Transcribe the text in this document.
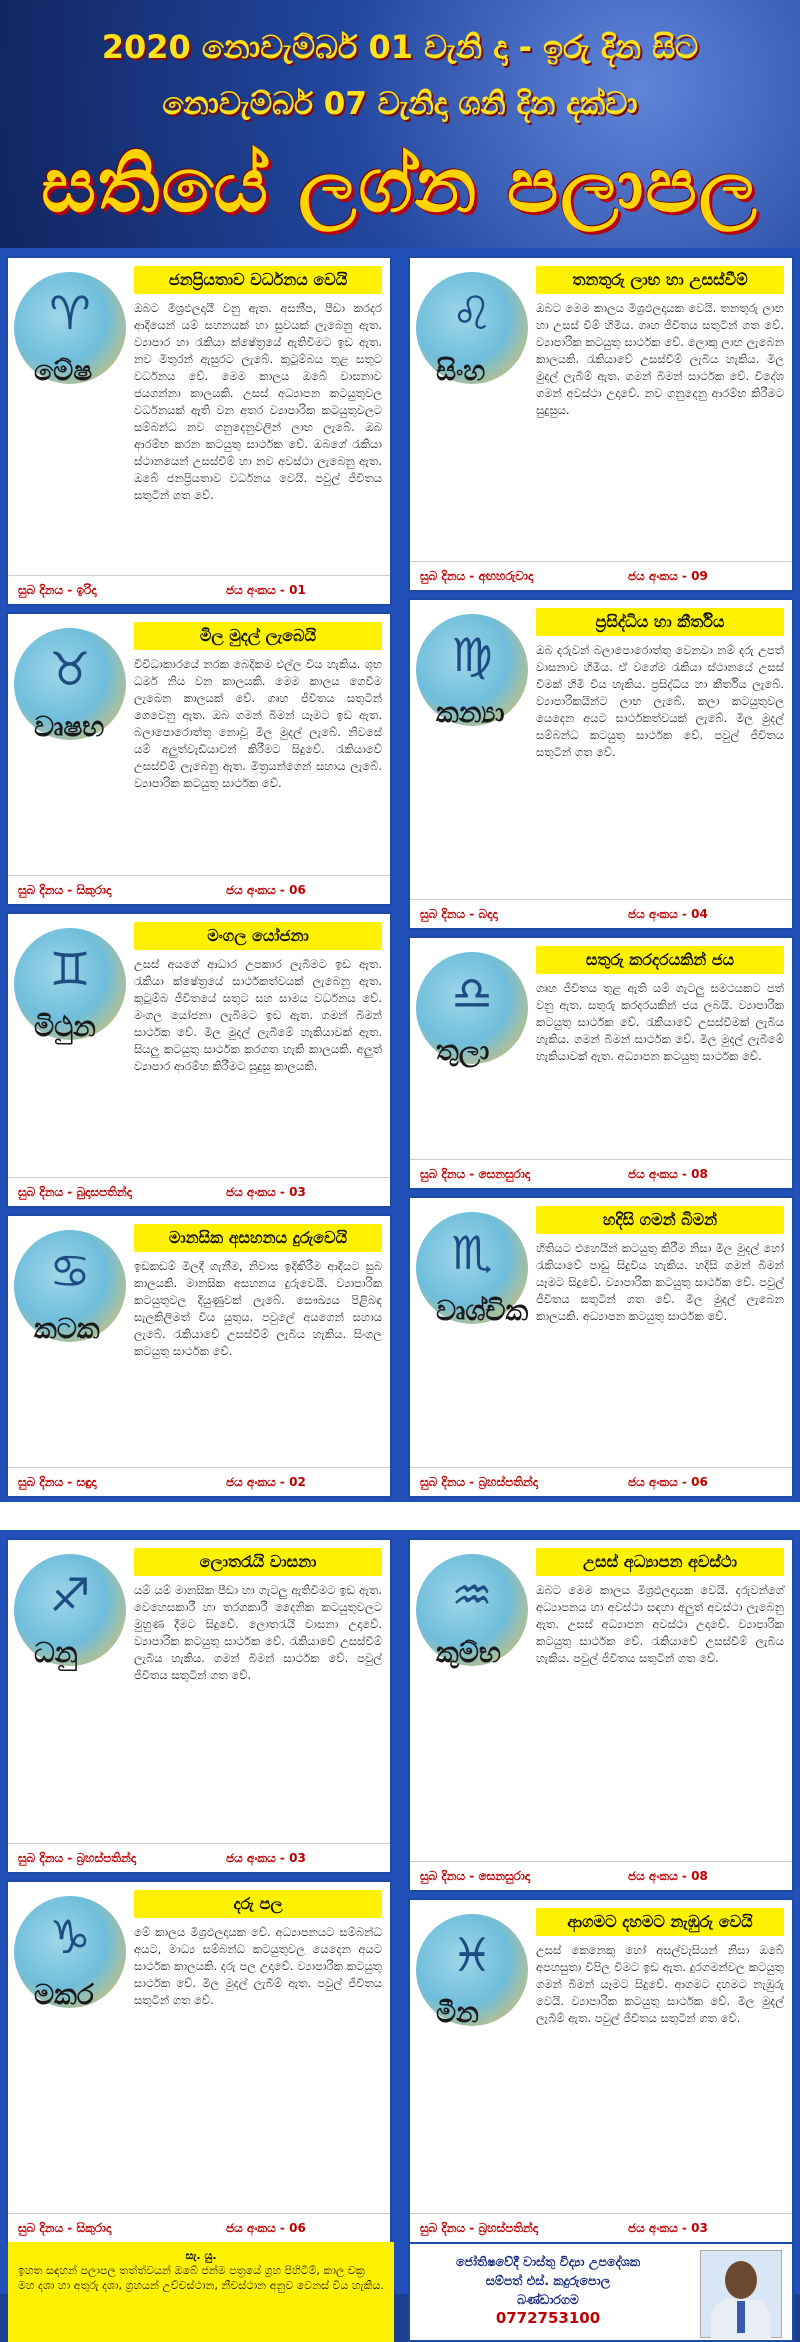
2020 නොවැම්බර් 01 වැනි දා - ඉරු දින සිට
නොවැම්බර් 07 වැනිදා ශනි දින දක්වා
සතියේ ලග්න පලාපල
♈
මේෂ
ජනප්‍රියතාව වර්ධනය වෙයි
ඔබට මිශ්‍රඵලදායී වනු ඇත. අසනීප, පීඩා කරදර ආදියෙන් යම් සහනයක් හා සුවයක් ලැබෙනු ඇත. ව්‍යාපාර හා රැකියා ක්ෂේත්‍රයේ ඇතිවිමට ඉඩ ඇත. නව මිතුරන් ඇසුරට ලැබේ. කුටුම්බය තුළ සතුට වර්ධනය වේ. මෙම කාලය ඔබේ වාසනාව ජයගන්නා කාලයකි. උසස් අධ්‍යාපන කටයුතුවල වර්ධනයක් ඇති වන අතර ව්‍යාපාරික කටයුතුවලට සම්බන්ධ නව ගනුදෙනුවලින් ලාභ ලැබේ. ඔබ ආරම්භ කරන කටයුතු සාර්ථක වේ. ඔබගේ රැකියා ස්ථානයෙන් උසස්වීම් හා නව අවස්ථා ලැබෙනු ඇත. ඔබේ ජනප්‍රියතාව වර්ධනය වෙයි. පවුල් ජීවිතය සතුටින් ගත වේ.
සුබ දිනය - ඉරිදා	ජය අංකය - 01
♉
වෘෂභ
මිල මුදල් ලැබෙයි
විවිධාකාරයේ නරක බෙදිකම එල්ල විය හැකිය. ශූභ ධර්ම නිය වන කාලයකි. මෙම කාලය ගෙවීම ලැබෙන කාලයක් වේ. ගෘහ ජීවිතය සතුටින් ගෙවෙනු ඇත. ඔබ ගමන් බිමන් යෑමට ඉඩ ඇත. බලාපොරොත්තු නොවූ මිල මුදල් ලැබේ. නිවසේ යම් අලුත්වැඩියාවන් කිරීමට සිදුවේ. රැකියාවේ උසස්වීම් ලැබෙනු ඇත. මිත්‍රයන්ගෙන් සහාය ලැබේ. ව්‍යාපාරික කටයුතු සාර්ථක වේ.
සුබ දිනය - සිකුරාදා	ජය අංකය - 06
♊
මිථුන
මංගල යෝජනා
උසස් අයගේ ආධාර උපකාර ලැබීමට ඉඩ ඇත. රැකියා ක්ෂේත්‍රයේ සාර්ථකත්වයක් ලැබෙනු ඇත. කුටුම්බ ජීවිතයේ සතුට සහ සාමය වර්ධනය වේ. මංගල යෝජනා ලැබීමට ඉඩ ඇත. ගමන් බිමන් සාර්ථක වේ. මිල මුදල් ලැබීමේ හැකියාවක් ඇත. සියලු කටයුතු සාර්ථක කරගත හැකි කාලයකි. අලුත් ව්‍යාපාර ආරම්භ කිරීමට සුදුසු කාලයකි.
සුබ දිනය - බුදාසපතින්දා	ජය අංකය - 03
♋
කටක
මානසික අසහනය දුරුවෙයි
ඉඩකඩම් මිලදී ගැනීම, නිවාස ඉදිකිරීම ආදියට සුබ කාලයකි. මානසික අසහනය දුරුවෙයි. ව්‍යාපාරික කටයුතුවල දියුණුවක් ලැබේ. සෞඛ්‍යය පිළිබඳ සැලකිලිමත් විය යුතුය. පවුලේ අයගෙන් සහාය ලැබේ. රැකියාවේ උසස්වීම් ලැබිය හැකිය. සිංගල කටයුතු සාර්ථක වේ.
සුබ දිනය - සඳුදා	ජය අංකය - 02
♌
සිංහ
තනතුරු ලාභ හා උසස්වීම්
ඔබට මෙම කාලය මිශ්‍රඵලදායක වෙයි. තනතුරු ලාභ හා උසස් වීම් හිමිය. ගෘහ ජීවිතය සතුටින් ගත වේ. ව්‍යාපාරික කටයුතු සාර්ථක වේ. ලොකු ලාභ ලැබෙන කාලයකි. රැකියාවේ උසස්වීම් ලැබිය හැකිය. මිල මුදල් ලැබීම් ඇත. ගමන් බිමන් සාර්ථක වේ. විදේශ ගමන් අවස්ථා උදාවේ. නව ගනුදෙනු ආරම්භ කිරීමට සුදුසුය.
සුබ දිනය - අඟහරුවාදා	ජය අංකය - 09
♍
කන්‍යා
ප්‍රසිද්ධිය හා කීර්තිය
ඔබ දරුවන් බලාපොරොත්තු වෙනවා නම් දරු උපත් වාසනාව හිමිය. ඒ වගේම රැකියා ස්ථානයේ උසස් වීමක් හිමි විය හැකිය. ප්‍රසිද්ධිය හා කීර්තිය ලැබේ. ව්‍යාපාරිකයින්ට ලාභ ලැබේ. කලා කටයුතුවල යෙදෙන අයට සාර්ථකත්වයක් ලැබේ. මිල මුදල් සම්බන්ධ කටයුතු සාර්ථක වේ. පවුල් ජීවිතය සතුටින් ගත වේ.
සුබ දිනය - බදාදා	ජය අංකය - 04
♎
තුලා
සතුරු කරදරයකින් ජය
ගෘහ ජීවිතය තුළ ඇති යම් ගැටලු සමථයකට පත් වනු ඇත. සතුරු කරදරයකින් ජය ලබයි. ව්‍යාපාරික කටයුතු සාර්ථක වේ. රැකියාවේ උසස්වීමක් ලැබිය හැකිය. ගමන් බිමන් සාර්ථක වේ. මිල මුදල් ලැබීමේ හැකියාවක් ඇත. අධ්‍යාපන කටයුතු සාර්ථක වේ.
සුබ දිනය - සෙනසුරාදා	ජය අංකය - 08
♏
වෘශ්චික
හදිසි ගමන් බිමන්
හිතියට එහෙයින් කටයුතු කිරීම නිසා මිල මුදල් හෝ රැකියාවේ පාඩු සිදුවිය හැකිය. හදිසි ගමන් බිමන් යෑමට සිදුවේ. ව්‍යාපාරික කටයුතු සාර්ථක වේ. පවුල් ජීවිතය සතුටින් ගත වේ. මිල මුදල් ලැබෙන කාලයකි. අධ්‍යාපන කටයුතු සාර්ථක වේ.
සුබ දිනය - බ්‍රහස්පතින්දා	ජය අංකය - 06
♐
ධනු
ලොතරැයි වාසනා
යම් යම් මානසික පීඩා හා ගැටලු ඇතිවිමට ඉඩ ඇත. වෙහෙසකාරී හා තරගකාරී දෛනික කටයුතුවලට මුහුණ දීමට සිදුවේ. ලොතරැයි වාසනා උදාවේ. ව්‍යාපාරික කටයුතු සාර්ථක වේ. රැකියාවේ උසස්වීම් ලැබිය හැකිය. ගමන් බිමන් සාර්ථක වේ. පවුල් ජීවිතය සතුටින් ගත වේ.
සුබ දිනය - බ්‍රහස්පතින්දා	ජය අංකය - 03
♑
මකර
දරු පල
මේ කාලය මිශ්‍රඵලදායක වේ. අධ්‍යාපනයට සම්බන්ධ අයට, මාධ්‍ය සම්බන්ධ කටයුතුවල යෙදෙන අයට සාර්ථක කාලයකි. දරු පල උදාවේ. ව්‍යාපාරික කටයුතු සාර්ථක වේ. මිල මුදල් ලැබීම් ඇත. පවුල් ජීවිතය සතුටින් ගත වේ.
සුබ දිනය - සිකුරාදා	ජය අංකය - 06
♒
කුම්භ
උසස් අධ්‍යාපන අවස්ථා
ඔබට මෙම කාලය මිශ්‍රඵලදායක වෙයි. දරුවන්ගේ අධ්‍යාපනය හා අවස්ථා සඳහා අලුත් අවස්ථා ලැබෙනු ඇත. උසස් අධ්‍යාපන අවස්ථා උදාවේ. ව්‍යාපාරික කටයුතු සාර්ථක වේ. රැකියාවේ උසස්වීම් ලැබිය හැකිය. පවුල් ජීවිතය සතුටින් ගත වේ.
සුබ දිනය - සෙනසුරාදා	ජය අංකය - 08
♓
මීන
ආගමට දහමට නැඹුරු වෙයි
උසස් කෙනෙකු හෝ අසල්වැසියන් නිසා ඔබේ අපහසුතා විපිල විමට ඉඩ ඇත. දුරගමන්වල කටයුතු ගමන් බිමන් යෑමට සිදුවේ. ආගමට දහමට නැඹුරු වෙයි. ව්‍යාපාරික කටයුතු සාර්ථක වේ. මිල මුදල් ලැබීම් ඇත. පවුල් ජීවිතය සතුටින් ගත වේ.
සුබ දිනය - බ්‍රහස්පතින්දා	ජය අංකය - 03
සැ. යු.
ඉහත සඳහන් පලාපල තත්ත්වයන් ඔබේ ජන්ම පත්‍රයේ ග්‍රහ පිහිටීම්, කාල චක්‍ර මහ දශා හා අතුරු දශා, ග්‍රහයන් උච්චස්ථාන, නීචස්ථාන අනුව වෙනස් විය හැකිය.
ජෝතිෂවේදී වාස්තු විද්‍යා උපදේශක
සම්පත් එස්. කදුරුපොල
බණ්ඩාරගම
0772753100
